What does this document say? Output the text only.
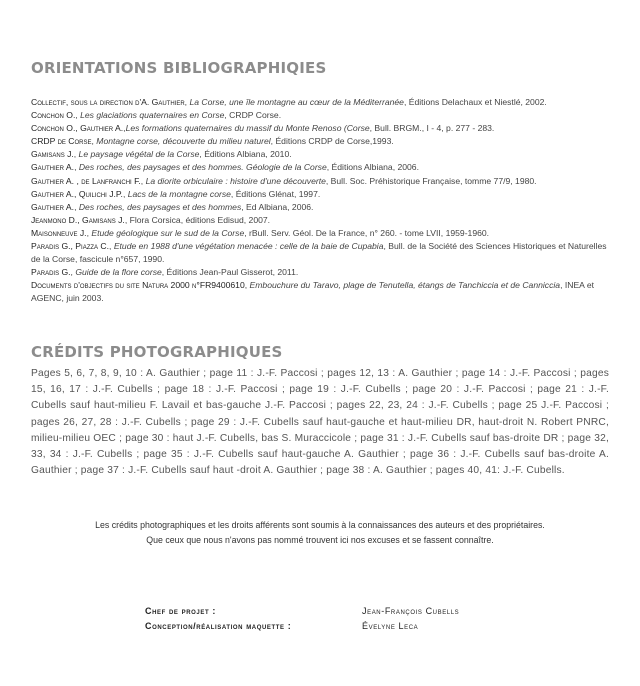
ORIENTATIONS BIBLIOGRAPHIQIES
Collectif, sous la direction d'A. Gauthier, La Corse, une île montagne au cœur de la Méditerranée, Éditions Delachaux et Niestlé, 2002.
Conchon O., Les glaciations quaternaires en Corse, CRDP Corse.
Conchon O., Gauthier A.,Les formations quaternaires du massif du Monte Renoso (Corse, Bull. BRGM., I - 4, p. 277 - 283.
CRDP de Corse, Montagne corse, découverte du milieu naturel, Éditions CRDP de Corse,1993.
Gamisans J., Le paysage végétal de la Corse, Éditions Albiana, 2010.
Gauthier A., Des roches, des paysages et des hommes. Géologie de la Corse, Éditions Albiana, 2006.
Gauthier A. , de Lanfranchi F., La diorite orbiculaire : histoire d'une découverte, Bull. Soc. Préhistorique Française, tomme 77/9, 1980.
Gauthier A., Quilichi J.P., Lacs de la montagne corse, Éditions Glénat, 1997.
Gauthier A., Des roches, des paysages et des hommes, Ed Albiana, 2006.
Jeanmono D., Gamisans J., Flora Corsica, éditions Edisud, 2007.
Maisonneuve J., Etude géologique sur le sud de la Corse, rBull. Serv. Géol. De la France, n° 260. - tome LVII, 1959-1960.
Paradis G., Piazza C., Etude en 1988 d'une végétation menacée : celle de la baie de Cupabia, Bull. de la Société des Sciences Historiques et Naturelles de la Corse, fascicule n°657, 1990.
Paradis G., Guide de la flore corse, Éditions Jean-Paul Gisserot, 2011.
Documents d'objectifs du site Natura 2000 n°FR9400610, Embouchure du Taravo, plage de Tenutella, étangs de Tanchiccia et de Canniccia, INEA et AGENC, juin 2003.
CRÉDITS PHOTOGRAPHIQUES
Pages 5, 6, 7, 8, 9, 10 : A. Gauthier ; page 11 : J.-F. Paccosi ; pages 12, 13 : A. Gauthier ; page 14 : J.-F. Paccosi ; pages 15, 16, 17 : J.-F. Cubells ; page 18 : J.-F. Paccosi ; page 19 : J.-F. Cubells ; page 20 : J.-F. Paccosi ; page 21 : J.-F. Cubells sauf haut-milieu F. Lavail et bas-gauche J.-F. Paccosi ; pages 22, 23, 24 : J.-F. Cubells ; page 25 J.-F. Paccosi ; pages 26, 27, 28 : J.-F. Cubells ; page 29 : J.-F. Cubells sauf haut-gauche et haut-milieu DR, haut-droit N. Robert PNRC, milieu-milieu OEC ; page 30 : haut J.-F. Cubells, bas S. Muraccicole ; page 31 : J.-F. Cubells sauf bas-droite DR ; page 32, 33, 34 : J.-F. Cubells ; page 35 : J.-F. Cubells sauf haut-gauche A. Gauthier ; page 36 : J.-F. Cubells sauf bas-droite A. Gauthier ; page 37 : J.-F. Cubells sauf haut -droit A. Gauthier ; page 38 : A. Gauthier ; pages 40, 41: J.-F. Cubells.
Les crédits photographiques et les droits afférents sont soumis à la connaissances des auteurs et des propriétaires.
Que ceux que nous n'avons pas nommé trouvent ici nos excuses et se fassent connaître.
Chef de projet :
Conception/réalisation maquette :
Jean-François Cubells
Évelyne Leca
